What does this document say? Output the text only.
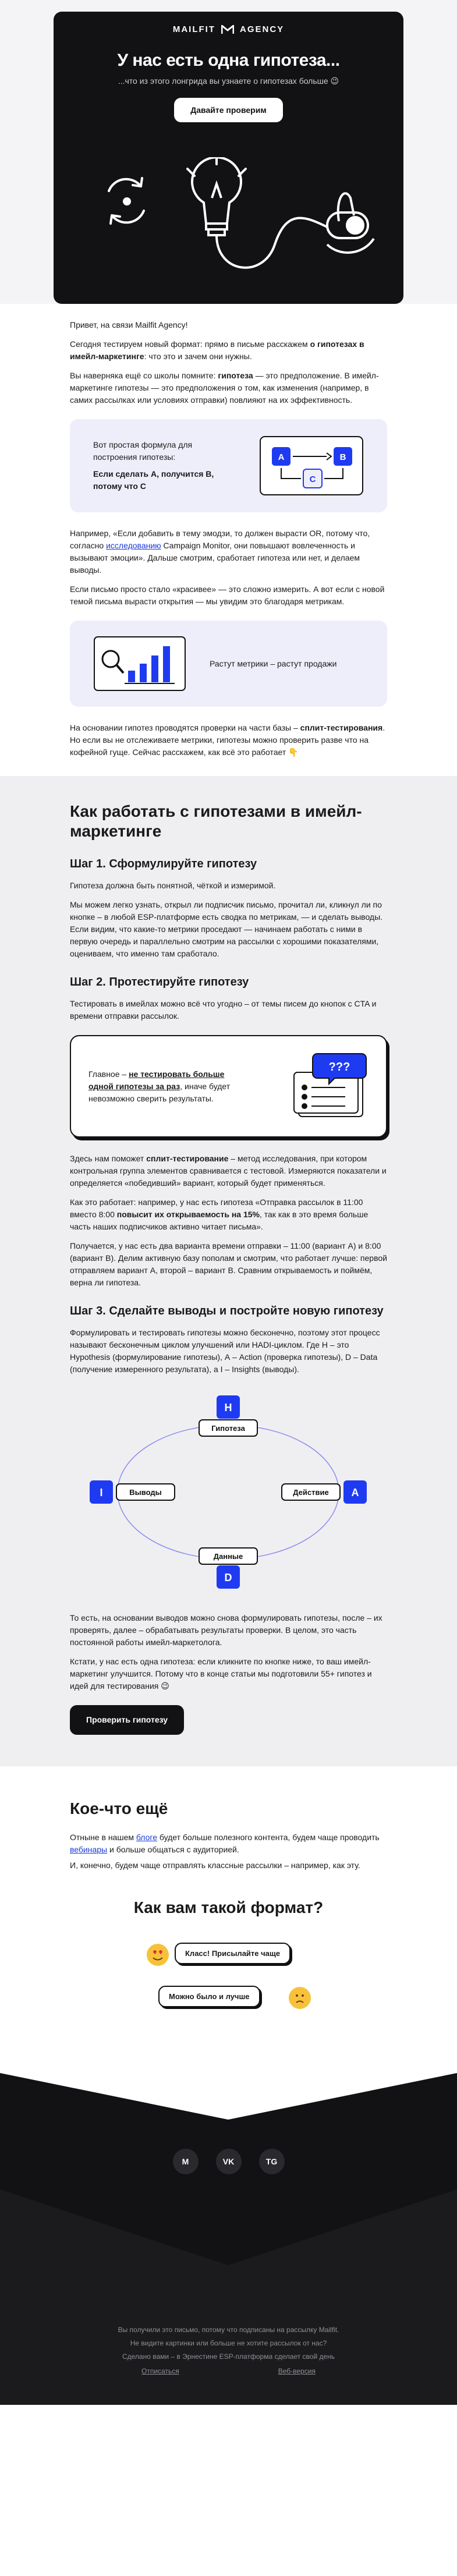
MAILFIT	AGENCY
У нас есть одна гипотеза...
...что из этого лонгрида вы узнаете о гипотезах больше 😉
Давайте проверим

Привет, на связи Mailfit Agency!

Сегодня тестируем новый формат: прямо в письме расскажем о гипотезах в имейл-маркетинге: что это и зачем они нужны.

Вы наверняка ещё со школы помните: гипотеза — это предположение. В имейл-маркетинге гипотезы — это предположения о том, как изменения (например, в самих рассылках или условиях отправки) повлияют на их эффективность.

Вот простая формула для построения гипотезы:
Если сделать А, получится В, потому что С
A	B
C

Например, «Если добавить в тему эмодзи, то должен вырасти OR, потому что, согласно исследованию Campaign Monitor, они повышают вовлеченность и вызывают эмоции». Дальше смотрим, сработает гипотеза или нет, и делаем выводы.

Если письмо просто стало «красивее» — это сложно измерить. А вот если с новой темой письма вырасти открытия — мы увидим это благодаря метрикам.

Растут метрики – растут продажи

На основании гипотез проводятся проверки на части базы – сплит-тестирования. Но если вы не отслеживаете метрики, гипотезы можно проверить разве что на кофейной гуще. Сейчас расскажем, как всё это работает 👇

Как работать с гипотезами в имейл-маркетинге
Шаг 1. Сформулируйте гипотезу

Гипотеза должна быть понятной, чёткой и измеримой.

Мы можем легко узнать, открыл ли подписчик письмо, прочитал ли, кликнул ли по кнопке – в любой ESP-платформе есть сводка по метрикам, — и сделать выводы. Если видим, что какие-то метрики проседают — начинаем работать с ними в первую очередь и параллельно смотрим на рассылки с хорошими показателями, оцениваем, что именно там сработало.

Шаг 2. Протестируйте гипотезу

Тестировать в имейлах можно всё что угодно – от темы писем до кнопок с CTA и времени отправки рассылок.

Главное – не тестировать больше одной гипотезы за раз, иначе будет невозможно сверить результаты.
???

Здесь нам поможет сплит-тестирование – метод исследования, при котором контрольная группа элементов сравнивается с тестовой. Измеряются показатели и определяется «победивший» вариант, который будет применяться.

Как это работает: например, у нас есть гипотеза «Отправка рассылок в 11:00 вместо 8:00 повысит их открываемость на 15%, так как в это время больше часть наших подписчиков активно читает письма».

Получается, у нас есть два варианта времени отправки – 11:00 (вариант А) и 8:00 (вариант В). Делим активную базу пополам и смотрим, что работает лучше: первой отправляем вариант А, второй – вариант В. Сравним открываемость и поймём, верна ли гипотеза.

Шаг 3. Сделайте выводы и постройте новую гипотезу

Формулировать и тестировать гипотезы можно бесконечно, поэтому этот процесс называют бесконечным циклом улучшений или HADI-циклом. Где H – это Hypothesis (формулирование гипотезы), А – Action (проверка гипотезы), D – Data (получение измеренного результата), а I – Insights (выводы).

H
Гипотеза
A
Действие
Данные
D
I	Выводы

То есть, на основании выводов можно снова формулировать гипотезы, после – их проверять, далее – обрабатывать результаты проверки. В целом, это часть постоянной работы имейл-маркетолога.

Кстати, у нас есть одна гипотеза: если кликните по кнопке ниже, то ваш имейл-маркетинг улучшится. Потому что в конце статьи мы подготовили 55+ гипотез и идей для тестирования 😉

Проверить гипотезу
Кое-что ещё

Отныне в нашем блоге будет больше полезного контента, будем чаще проводить вебинары и больше общаться с аудиторией.

И, конечно, будем чаще отправлять классные рассылки – например, как эту.

Как вам такой формат?
Класс! Присылайте чаще
Можно было и лучше
M	VK	TG
Вы получили это письмо, потому что подписаны на рассылку Mailfit.
Не видите картинки или больше не хотите рассылок от нас?
Сделано вами – в Эрнестине ESP-платформа сделает свой день
Отписаться	Веб-версия
